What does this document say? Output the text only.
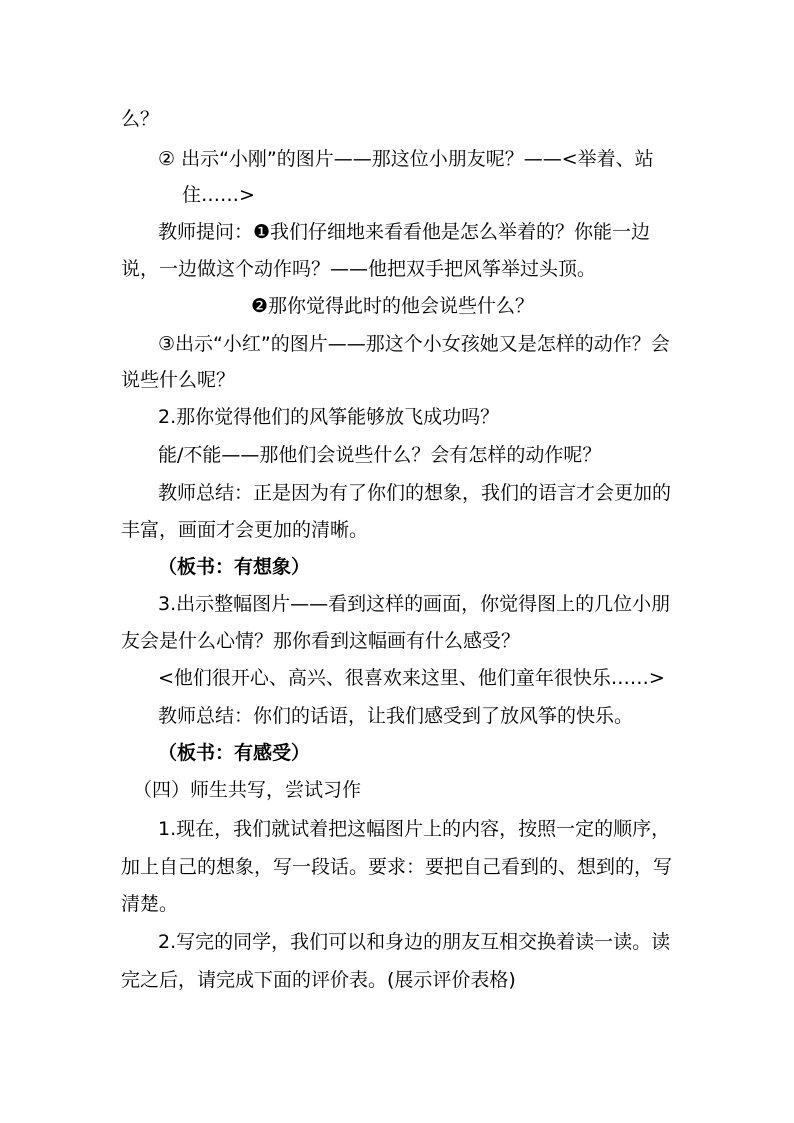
么？
② 出示“小刚”的图片——那这位小朋友呢？——<举着、站
住……>
教师提问：❶我们仔细地来看看他是怎么举着的？你能一边
说，一边做这个动作吗？——他把双手把风筝举过头顶。
❷那你觉得此时的他会说些什么？
③出示“小红”的图片——那这个小女孩她又是怎样的动作？会
说些什么呢？
2.那你觉得他们的风筝能够放飞成功吗？
能/不能——那他们会说些什么？会有怎样的动作呢？
教师总结：正是因为有了你们的想象，我们的语言才会更加的
丰富，画面才会更加的清晰。
（板书：有想象）
3.出示整幅图片——看到这样的画面，你觉得图上的几位小朋
友会是什么心情？那你看到这幅画有什么感受？
<他们很开心、高兴、很喜欢来这里、他们童年很快乐……>
教师总结：你们的话语，让我们感受到了放风筝的快乐。
（板书：有感受）
（四）师生共写，尝试习作
1.现在，我们就试着把这幅图片上的内容，按照一定的顺序，
加上自己的想象，写一段话。要求：要把自己看到的、想到的，写
清楚。
2.写完的同学，我们可以和身边的朋友互相交换着读一读。读
完之后，请完成下面的评价表。(展示评价表格)
